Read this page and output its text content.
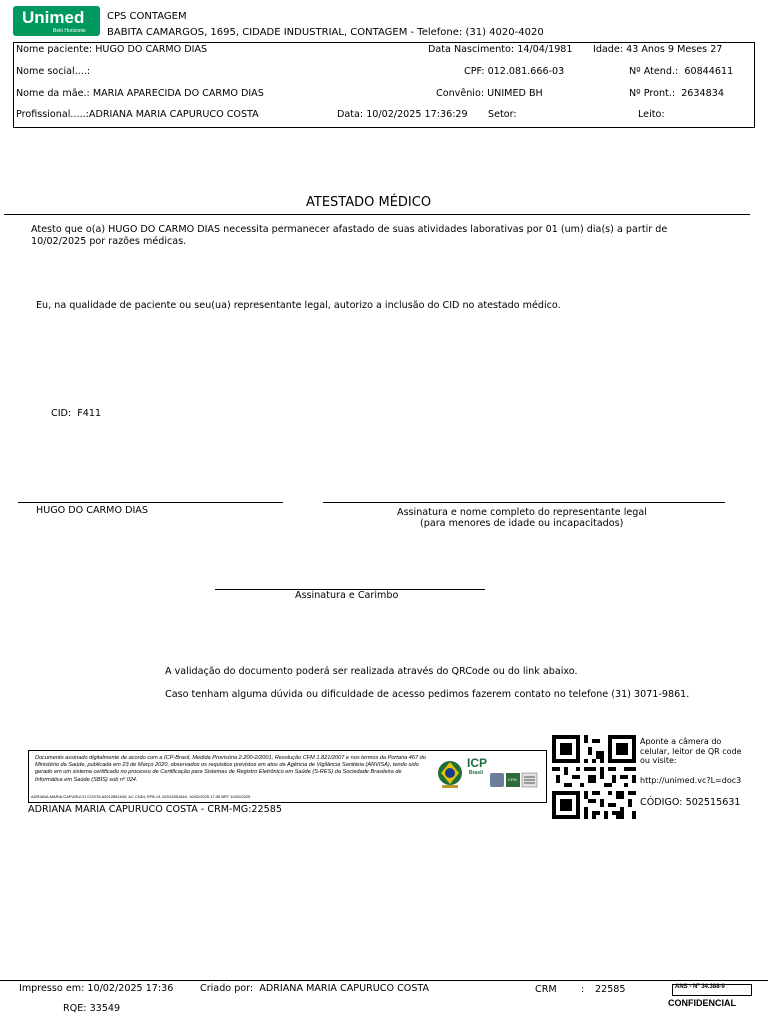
Unimed
Belo Horizonte
CPS CONTAGEM
BABITA CAMARGOS, 1695, CIDADE INDUSTRIAL, CONTAGEM - Telefone: (31) 4020-4020
Nome paciente: HUGO DO CARMO DIAS	Data Nascimento: 14/04/1981 Idade: 43 Anos 9 Meses 27
Nome social....:	CPF: 012.081.666-03	Nº Atend.: 60844611
Nome da mãe.: MARIA APARECIDA DO CARMO DIAS	Convênio: UNIMED BH	Nº Pront.: 2634834
Profissional.....:ADRIANA MARIA CAPURUCO COSTA	Data: 10/02/2025 17:36:29 Setor:	Leito:
ATESTADO MÉDICO
Atesto que o(a) HUGO DO CARMO DIAS necessita permanecer afastado de suas atividades laborativas por 01 (um) dia(s) a partir de
10/02/2025 por razões médicas.
Eu, na qualidade de paciente ou seu(ua) representante legal, autorizo a inclusão do CID no atestado médico.
CID: F411
HUGO DO CARMO DIAS	Assinatura e nome completo do representante legal
(para menores de idade ou incapacitados)
Assinatura e Carimbo
A validação do documento poderá ser realizada através do QRCode ou do link abaixo.
Caso tenham alguma dúvida ou dificuldade de acesso pedimos fazerem contato no telefone (31) 3071-9861.
Documento assinado digitalmente de acordo com a ICP-Brasil, Medida Provisória 2.200-2/2001, Resolução CFM 1.821/2007 e nos termos da Portaria 467 do Ministério da Saúde, publicada em 23 de Março 2020, observados os requisitos previstos em atos da Agência de Vigilância Sanitária (ANVISA), tendo sido gerado em um sistema certificado no processo de Certificação para Sistemas de Registro Eletrônico em Saúde (S-RES) da Sociedade Brasileira de Informática em Saúde (SBIS) sob nº 024.
ADRIANA MARIA CAPURUCO COSTA:62012851649, AC CNDL RFB v3, 62012851649, 10/02/2025 17:36 BRT 10/02/2025
ICP
Brasil
CFM
ADRIANA MARIA CAPURUCO COSTA - CRM-MG:22585
Aponte a câmera do
celular, leitor de QR code
ou visite:
http://unimed.vc?L=doc3
CÓDIGO: 502515631
Impresso em: 10/02/2025 17:36	Criado por: ADRIANA MARIA CAPURUCO COSTA	CRM	: 22585
RQE: 33549
ANS - Nº 34.388-9
CONFIDENCIAL
